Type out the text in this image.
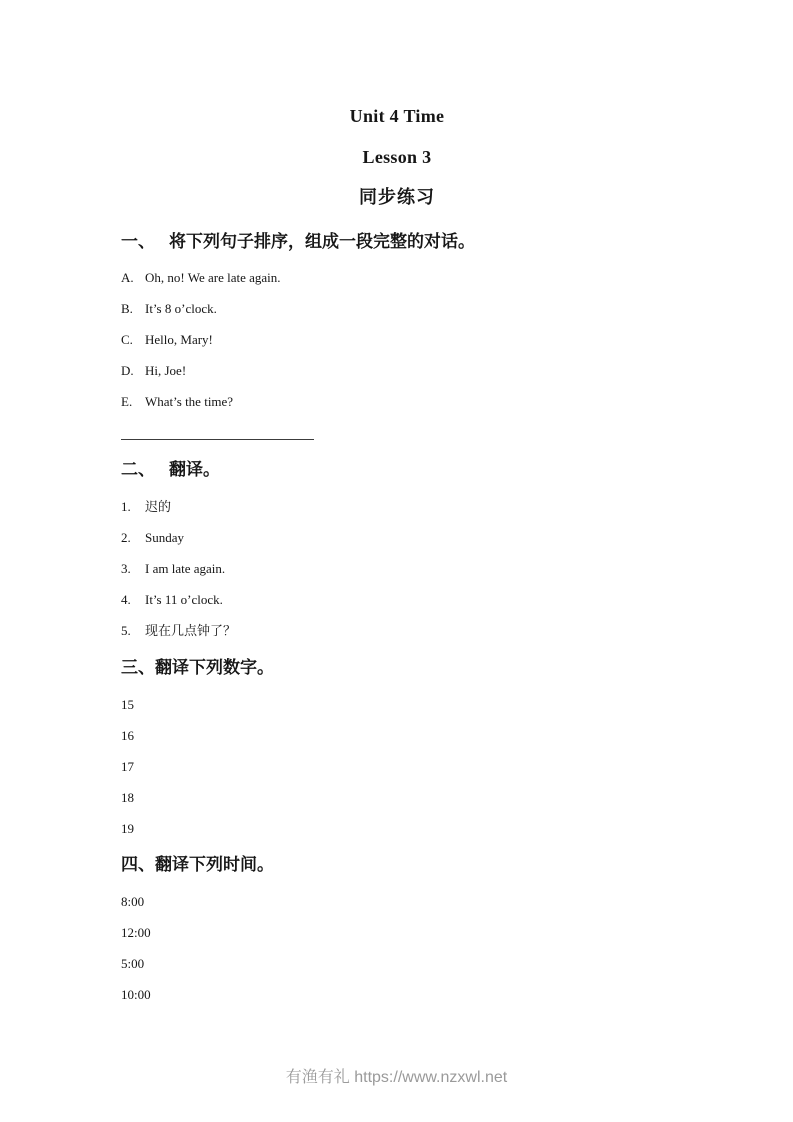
Unit 4 Time
Lesson 3
同步练习
一、 将下列句子排序，组成一段完整的对话。
A. Oh, no! We are late again.
B. It’s 8 o’clock.
C. Hello, Mary!
D. Hi, Joe!
E. What’s the time?
二、 翻译。
1. 迟的
2. Sunday
3. I am late again.
4. It’s 11 o’clock.
5. 现在几点钟了？
三、翻译下列数字。
15
16
17
18
19
四、翻译下列时间。
8:00
12:00
5:00
10:00
有渔有礼 https://www.nzxwl.net
